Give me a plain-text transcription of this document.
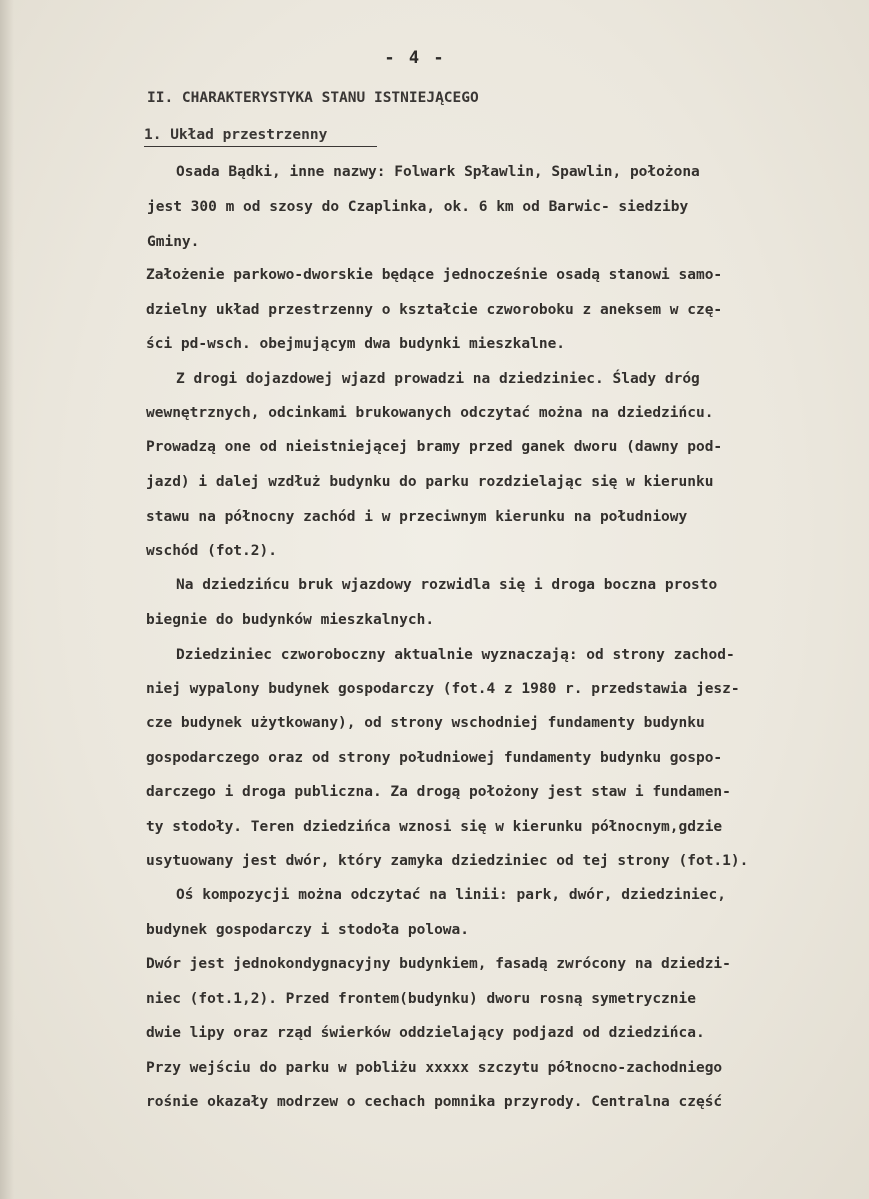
- 4 -
II. CHARAKTERYSTYKA STANU ISTNIEJĄCEGO
1. Układ przestrzenny
Osada Bądki, inne nazwy: Folwark Spławlin, Spawlin, położona
jest 300 m od szosy do Czaplinka, ok. 6 km od Barwic- siedziby
Gminy.
Założenie parkowo-dworskie będące jednocześnie osadą stanowi samo-
dzielny układ przestrzenny o kształcie czworoboku z aneksem w czę-
ści pd-wsch. obejmującym dwa budynki mieszkalne.
Z drogi dojazdowej wjazd prowadzi na dziedziniec. Ślady dróg
wewnętrznych, odcinkami brukowanych odczytać można na dziedzińcu.
Prowadzą one od nieistniejącej bramy przed ganek dworu (dawny pod-
jazd) i dalej wzdłuż budynku do parku rozdzielając się w kierunku
stawu na północny zachód i w przeciwnym kierunku na południowy
wschód (fot.2).
Na dziedzińcu bruk wjazdowy rozwidla się i droga boczna prosto
biegnie do budynków mieszkalnych.
Dziedziniec czworoboczny aktualnie wyznaczają: od strony zachod-
niej wypalony budynek gospodarczy (fot.4 z 1980 r. przedstawia jesz-
cze budynek użytkowany), od strony wschodniej fundamenty budynku
gospodarczego oraz od strony południowej fundamenty budynku gospo-
darczego i droga publiczna. Za drogą położony jest staw i fundamen-
ty stodoły. Teren dziedzińca wznosi się w kierunku północnym,gdzie
usytuowany jest dwór, który zamyka dziedziniec od tej strony (fot.1).
Oś kompozycji można odczytać na linii: park, dwór, dziedziniec,
budynek gospodarczy i stodoła polowa.
Dwór jest jednokondygnacyjny budynkiem, fasadą zwrócony na dziedzi-
niec (fot.1,2). Przed frontem(budynku) dworu rosną symetrycznie
dwie lipy oraz rząd świerków oddzielający podjazd od dziedzińca.
Przy wejściu do parku w pobliżu xxxxx szczytu północno-zachodniego
rośnie okazały modrzew o cechach pomnika przyrody. Centralna część
